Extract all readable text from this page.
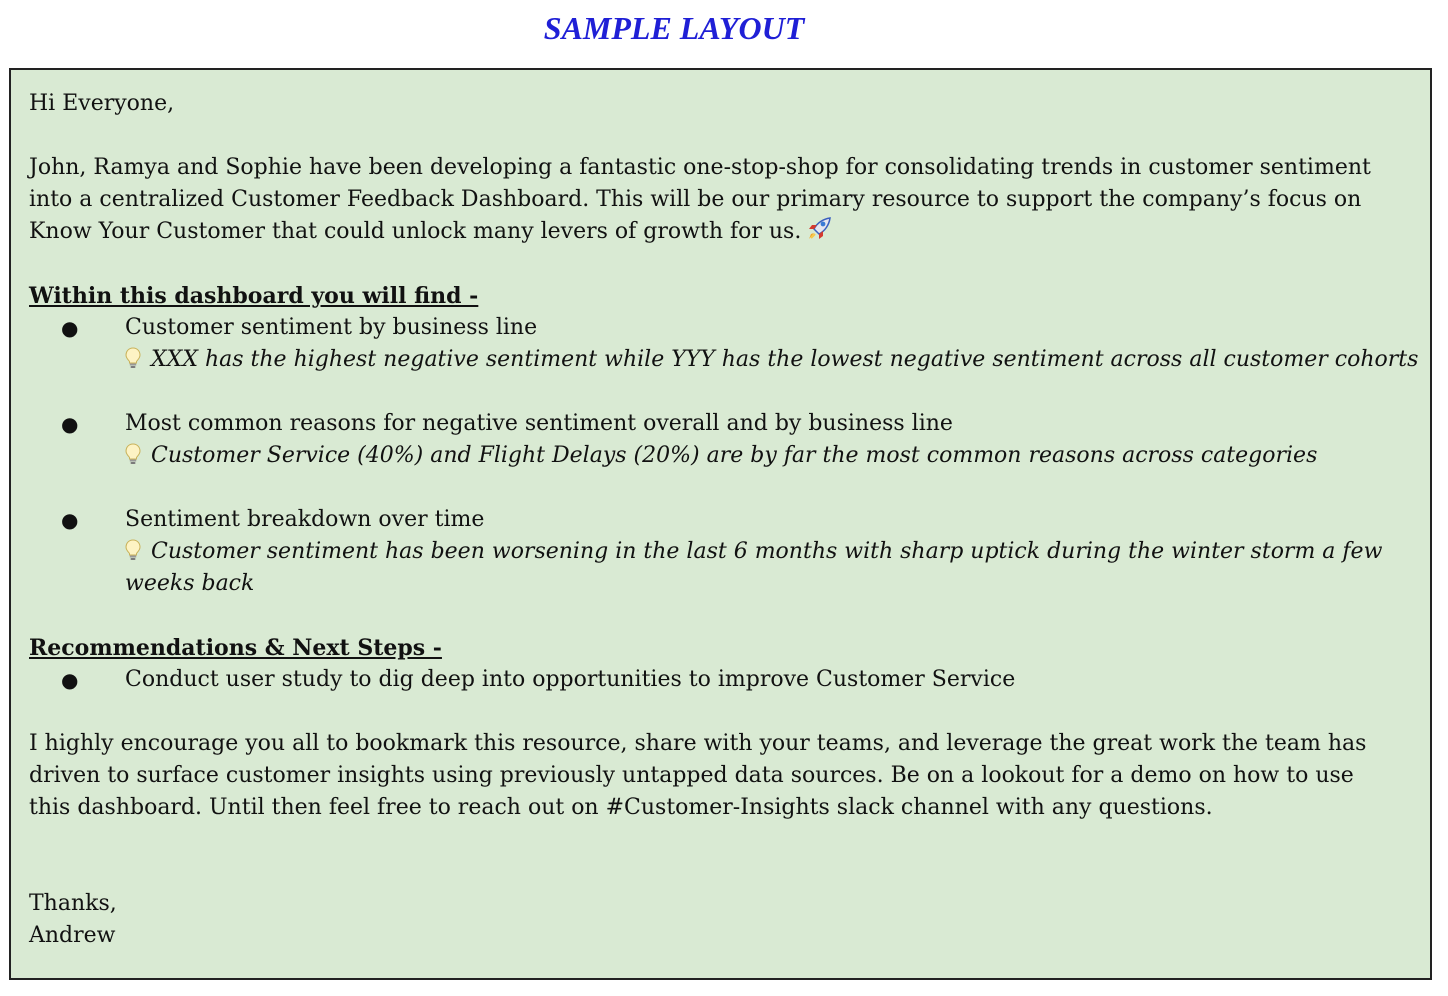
SAMPLE LAYOUT

Hi Everyone,

John, Ramya and Sophie have been developing a fantastic one-stop-shop for consolidating trends in customer sentiment

into a centralized Customer Feedback Dashboard. This will be our primary resource to support the company’s focus on

Know Your Customer that could unlock many levers of growth for us.

Within this dashboard you will find -

● Customer sentiment by business line

XXX has the highest negative sentiment while YYY has the lowest negative sentiment across all customer cohorts

● Most common reasons for negative sentiment overall and by business line

Customer Service (40%) and Flight Delays (20%) are by far the most common reasons across categories

● Sentiment breakdown over time

Customer sentiment has been worsening in the last 6 months with sharp uptick during the winter storm a few

weeks back

Recommendations & Next Steps -

● Conduct user study to dig deep into opportunities to improve Customer Service

I highly encourage you all to bookmark this resource, share with your teams, and leverage the great work the team has

driven to surface customer insights using previously untapped data sources. Be on a lookout for a demo on how to use

this dashboard. Until then feel free to reach out on #Customer-Insights slack channel with any questions.

Thanks,

Andrew
